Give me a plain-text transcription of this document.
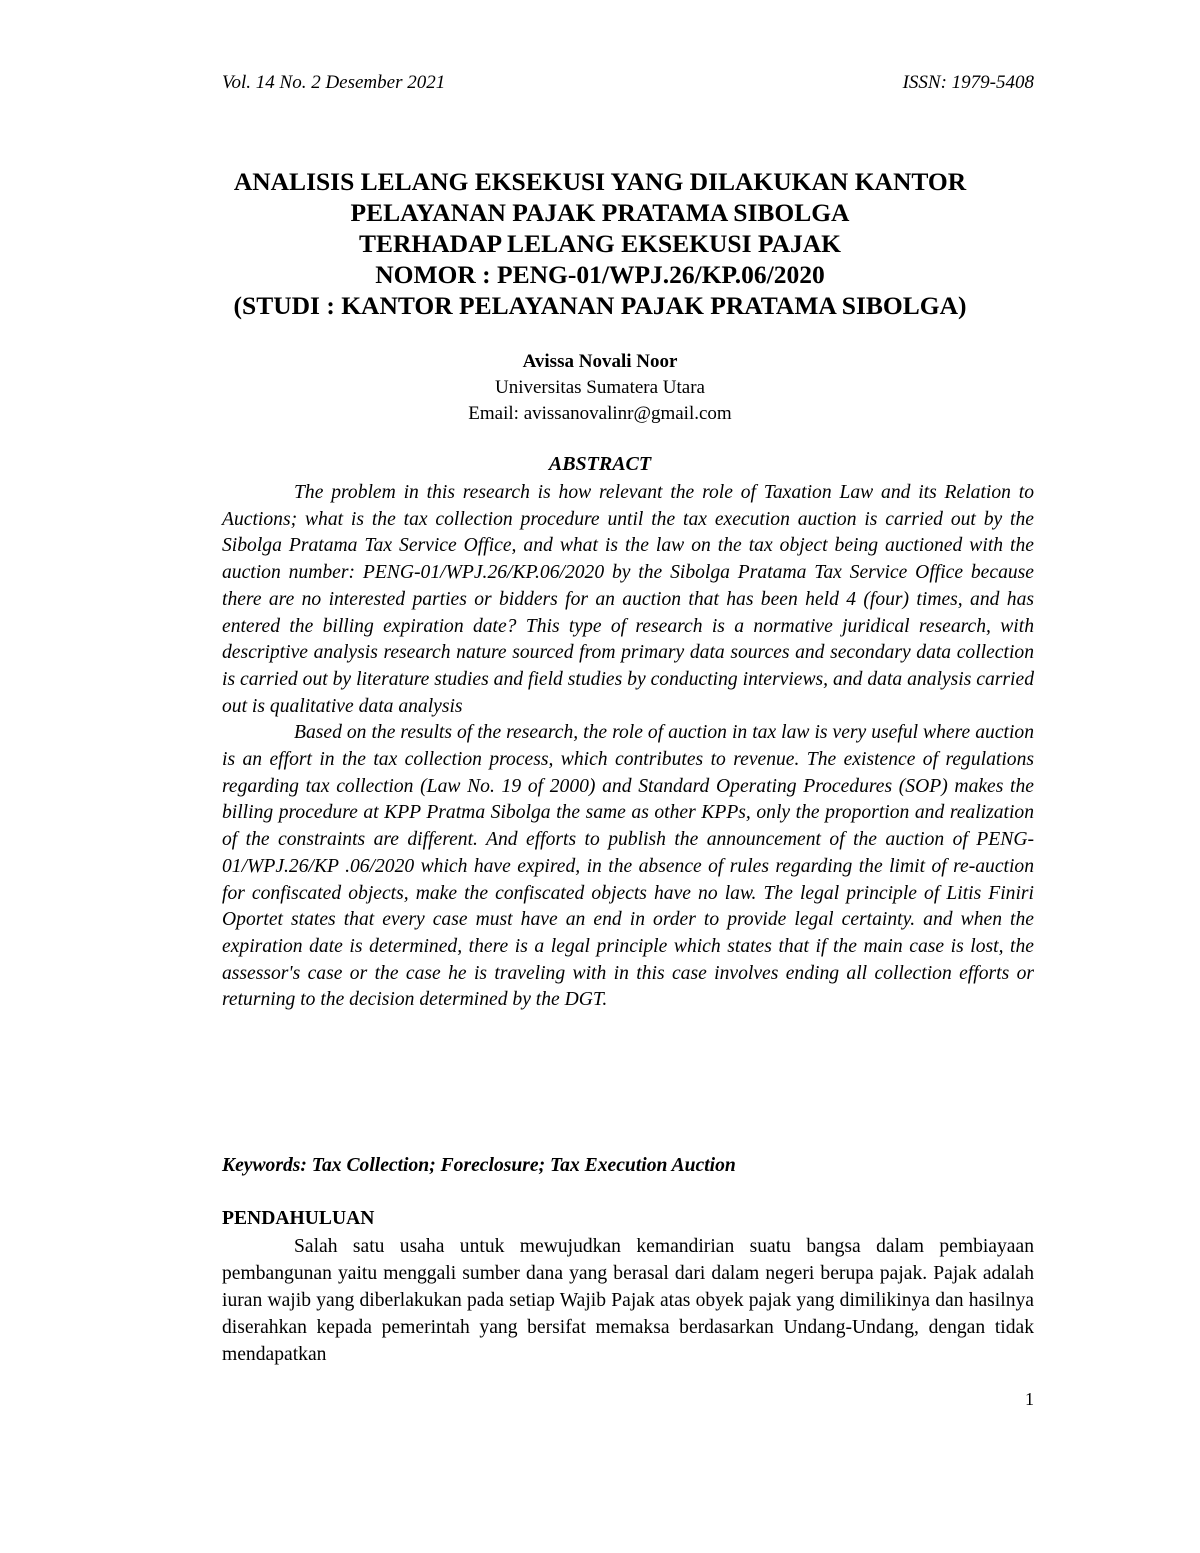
Vol. 14 No. 2 Desember 2021	ISSN: 1979-5408
ANALISIS LELANG EKSEKUSI YANG DILAKUKAN KANTOR
PELAYANAN PAJAK PRATAMA SIBOLGA
TERHADAP LELANG EKSEKUSI PAJAK
NOMOR : PENG-01/WPJ.26/KP.06/2020
(STUDI : KANTOR PELAYANAN PAJAK PRATAMA SIBOLGA)
Avissa Novali Noor
Universitas Sumatera Utara
Email: avissanovalinr@gmail.com
ABSTRACT

The problem in this research is how relevant the role of Taxation Law and its Relation to Auctions; what is the tax collection procedure until the tax execution auction is carried out by the Sibolga Pratama Tax Service Office, and what is the law on the tax object being auctioned with the auction number: PENG-01/WPJ.26/KP.06/2020 by the Sibolga Pratama Tax Service Office because there are no interested parties or bidders for an auction that has been held 4 (four) times, and has entered the billing expiration date? This type of research is a normative juridical research, with descriptive analysis research nature sourced from primary data sources and secondary data collection is carried out by literature studies and field studies by conducting interviews, and data analysis carried out is qualitative data analysis

Based on the results of the research, the role of auction in tax law is very useful where auction is an effort in the tax collection process, which contributes to revenue. The existence of regulations regarding tax collection (Law No. 19 of 2000) and Standard Operating Procedures (SOP) makes the billing procedure at KPP Pratma Sibolga the same as other KPPs, only the proportion and realization of the constraints are different. And efforts to publish the announcement of the auction of PENG-01/WPJ.26/KP .06/2020 which have expired, in the absence of rules regarding the limit of re-auction for confiscated objects, make the confiscated objects have no law. The legal principle of Litis Finiri Oportet states that every case must have an end in order to provide legal certainty. and when the expiration date is determined, there is a legal principle which states that if the main case is lost, the assessor's case or the case he is traveling with in this case involves ending all collection efforts or returning to the decision determined by the DGT.

Keywords: Tax Collection; Foreclosure; Tax Execution Auction
PENDAHULUAN

Salah satu usaha untuk mewujudkan kemandirian suatu bangsa dalam pembiayaan pembangunan yaitu menggali sumber dana yang berasal dari dalam negeri berupa pajak. Pajak adalah iuran wajib yang diberlakukan pada setiap Wajib Pajak atas obyek pajak yang dimilikinya dan hasilnya diserahkan kepada pemerintah yang bersifat memaksa berdasarkan Undang-Undang, dengan tidak mendapatkan

1
